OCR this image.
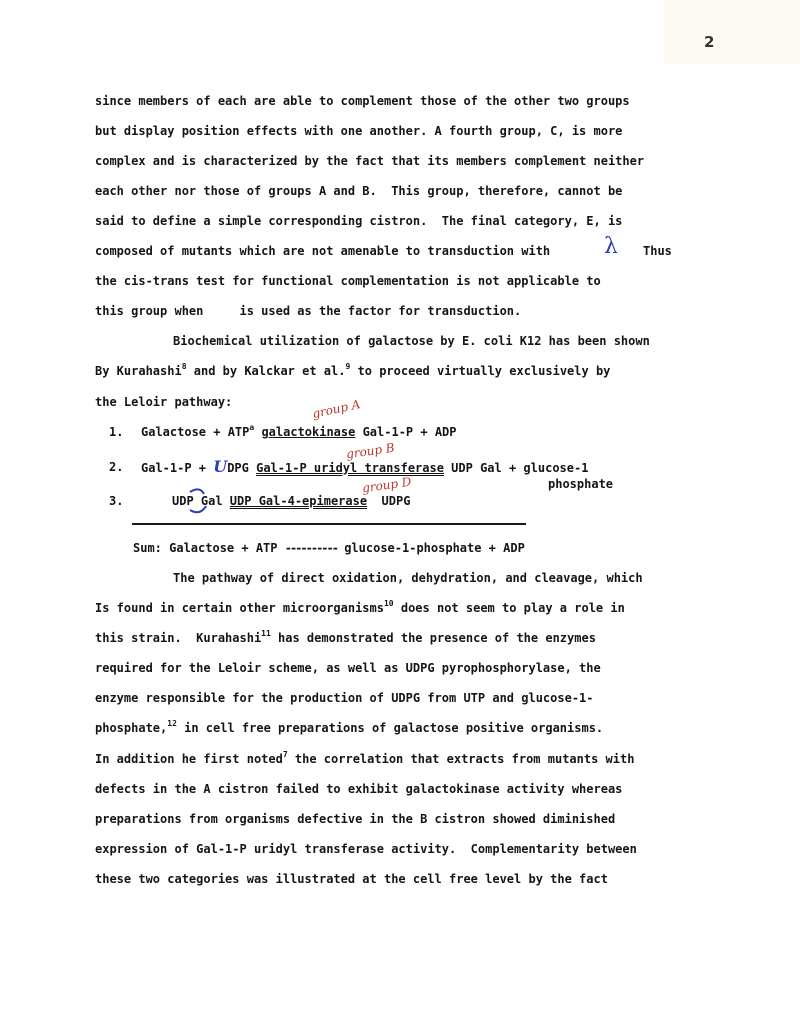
2
since members of each are able to complement those of the other two groups
but display position effects with one another. A fourth group, C, is more
complex and is characterized by the fact that its members complement neither
each other nor those of groups A and B.  This group, therefore, cannot be
said to define a simple corresponding cistron.  The final category, E, is
composed of mutants which are not amenable to transduction with λ Thus
the cis-trans test for functional complementation is not applicable to
this group when     is used as the factor for transduction.
Biochemical utilization of galactose by E. coli K12 has been shown
By Kurahashi$^8$ and by Kalckar et al.$^9$ to proceed virtually exclusively by
the Leloir pathway:	group A
1. Galactose + $ATP^a$ galactokinase Gal-1-P + ADP
group B
2. Gal-1-P + UDPG Gal-1-P uridyl transferase UDP Gal + glucose-1
phosphate
group D
3.	UDP Gal UDP Gal-4-epimerase  UDPG
Sum: Galactose + ATP ---------- glucose-1-phosphate + ADP
The pathway of direct oxidation, dehydration, and cleavage, which
Is found in certain other microorganisms$^{10}$ does not seem to play a role in
this strain.  Kurahashi$^{11}$ has demonstrated the presence of the enzymes
required for the Leloir scheme, as well as UDPG pyrophosphorylase, the
enzyme responsible for the production of UDPG from UTP and glucose-1-
phosphate,$^{12}$ in cell free preparations of galactose positive organisms.
In addition he first noted$^7$ the correlation that extracts from mutants with
defects in the A cistron failed to exhibit galactokinase activity whereas
preparations from organisms defective in the B cistron showed diminished
expression of Gal-1-P uridyl transferase activity.  Complementarity between
these two categories was illustrated at the cell free level by the fact
